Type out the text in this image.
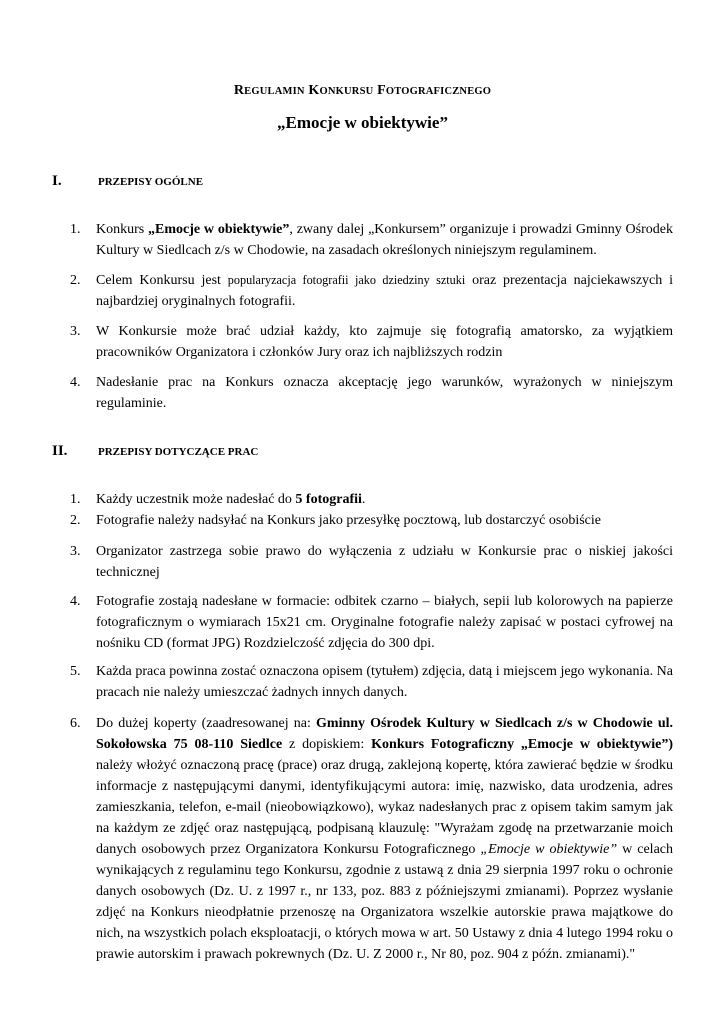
REGULAMIN KONKURSU FOTOGRAFICZNEGO
„Emocje w obiektywie”
I.	PRZEPISY OGÓLNE
1.	Konkurs „Emocje w obiektywie”, zwany dalej „Konkursem” organizuje i prowadzi Gminny Ośrodek Kultury w Siedlcach z/s w Chodowie, na zasadach określonych niniejszym regulaminem.
2.	Celem Konkursu jest popularyzacja fotografii jako dziedziny sztuki oraz prezentacja najciekawszych i najbardziej oryginalnych fotografii.
3.	W Konkursie może brać udział każdy, kto zajmuje się fotografią amatorsko, za wyjątkiem pracowników Organizatora i członków Jury oraz ich najbliższych rodzin
4.	Nadesłanie prac na Konkurs oznacza akceptację jego warunków, wyrażonych w niniejszym regulaminie.
II.	PRZEPISY DOTYCZĄCE PRAC
1.	Każdy uczestnik może nadesłać do 5 fotografii.
2.	Fotografie należy nadsyłać na Konkurs jako przesyłkę pocztową, lub dostarczyć osobiście
3.	Organizator zastrzega sobie prawo do wyłączenia z udziału w Konkursie prac o niskiej jakości technicznej
4.	Fotografie zostają nadesłane w formacie: odbitek czarno – białych, sepii lub kolorowych na papierze fotograficznym o wymiarach 15x21 cm. Oryginalne fotografie należy zapisać w postaci cyfrowej na nośniku CD (format JPG) Rozdzielczość zdjęcia do 300 dpi.
5.	Każda praca powinna zostać oznaczona opisem (tytułem) zdjęcia, datą i miejscem jego wykonania. Na pracach nie należy umieszczać żadnych innych danych.
6.	Do dużej koperty (zaadresowanej na: Gminny Ośrodek Kultury w Siedlcach z/s w Chodowie ul. Sokołowska 75 08-110 Siedlce z dopiskiem: Konkurs Fotograficzny „Emocje w obiektywie”) należy włożyć oznaczoną pracę (prace) oraz drugą, zaklejoną kopertę, która zawierać będzie w środku informacje z następującymi danymi, identyfikującymi autora: imię, nazwisko, data urodzenia, adres zamieszkania, telefon, e-mail (nieobowiązkowo), wykaz nadesłanych prac z opisem takim samym jak na każdym ze zdjęć oraz następującą, podpisaną klauzulę: "Wyrażam zgodę na przetwarzanie moich danych osobowych przez Organizatora Konkursu Fotograficznego „Emocje w obiektywie” w celach wynikających z regulaminu tego Konkursu, zgodnie z ustawą z dnia 29 sierpnia 1997 roku o ochronie danych osobowych (Dz. U. z 1997 r., nr 133, poz. 883 z późniejszymi zmianami). Poprzez wysłanie zdjęć na Konkurs nieodpłatnie przenoszę na Organizatora wszelkie autorskie prawa majątkowe do nich, na wszystkich polach eksploatacji, o których mowa w art. 50 Ustawy z dnia 4 lutego 1994 roku o prawie autorskim i prawach pokrewnych (Dz. U. Z 2000 r., Nr 80, poz. 904 z późn. zmianami)."
